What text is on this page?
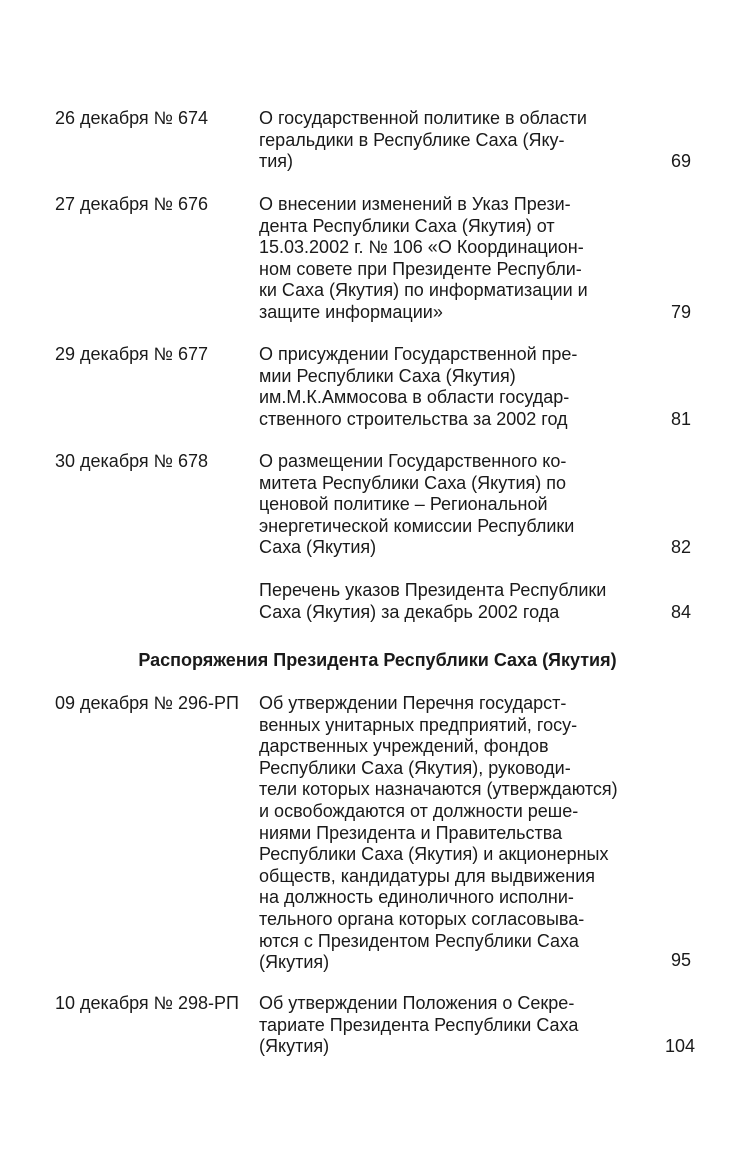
26 декабря № 674	О государственной политике в области
геральдики в Республике Саха (Яку-
тия)	69
27 декабря № 676	О внесении изменений в Указ Прези-
дента Республики Саха (Якутия) от
15.03.2002 г. № 106 «О Координацион-
ном совете при Президенте Республи-
ки Саха (Якутия) по информатизации и
защите информации»	79
29 декабря № 677	О присуждении Государственной пре-
мии Республики Саха (Якутия)
им.М.К.Аммосова в области государ-
ственного строительства за 2002 год	81
30 декабря № 678	О размещении Государственного ко-
митета Республики Саха (Якутия) по
ценовой политике – Региональной
энергетической комиссии Республики
Саха (Якутия)	82
Перечень указов Президента Республики
Саха (Якутия) за декабрь 2002 года	84
Распоряжения Президента Республики Саха (Якутия)
09 декабря № 296-РП Об утверждении Перечня государст-
венных унитарных предприятий, госу-
дарственных учреждений, фондов
Республики Саха (Якутия), руководи-
тели которых назначаются (утверждаются)
и освобождаются от должности реше-
ниями Президента и Правительства
Республики Саха (Якутия) и акционерных
обществ, кандидатуры для выдвижения
на должность единоличного исполни-
тельного органа которых согласовыва-
ются с Президентом Республики Саха
(Якутия)	95
10 декабря № 298-РП Об утверждении Положения о Секре-
тариате Президента Республики Саха
(Якутия)	104
